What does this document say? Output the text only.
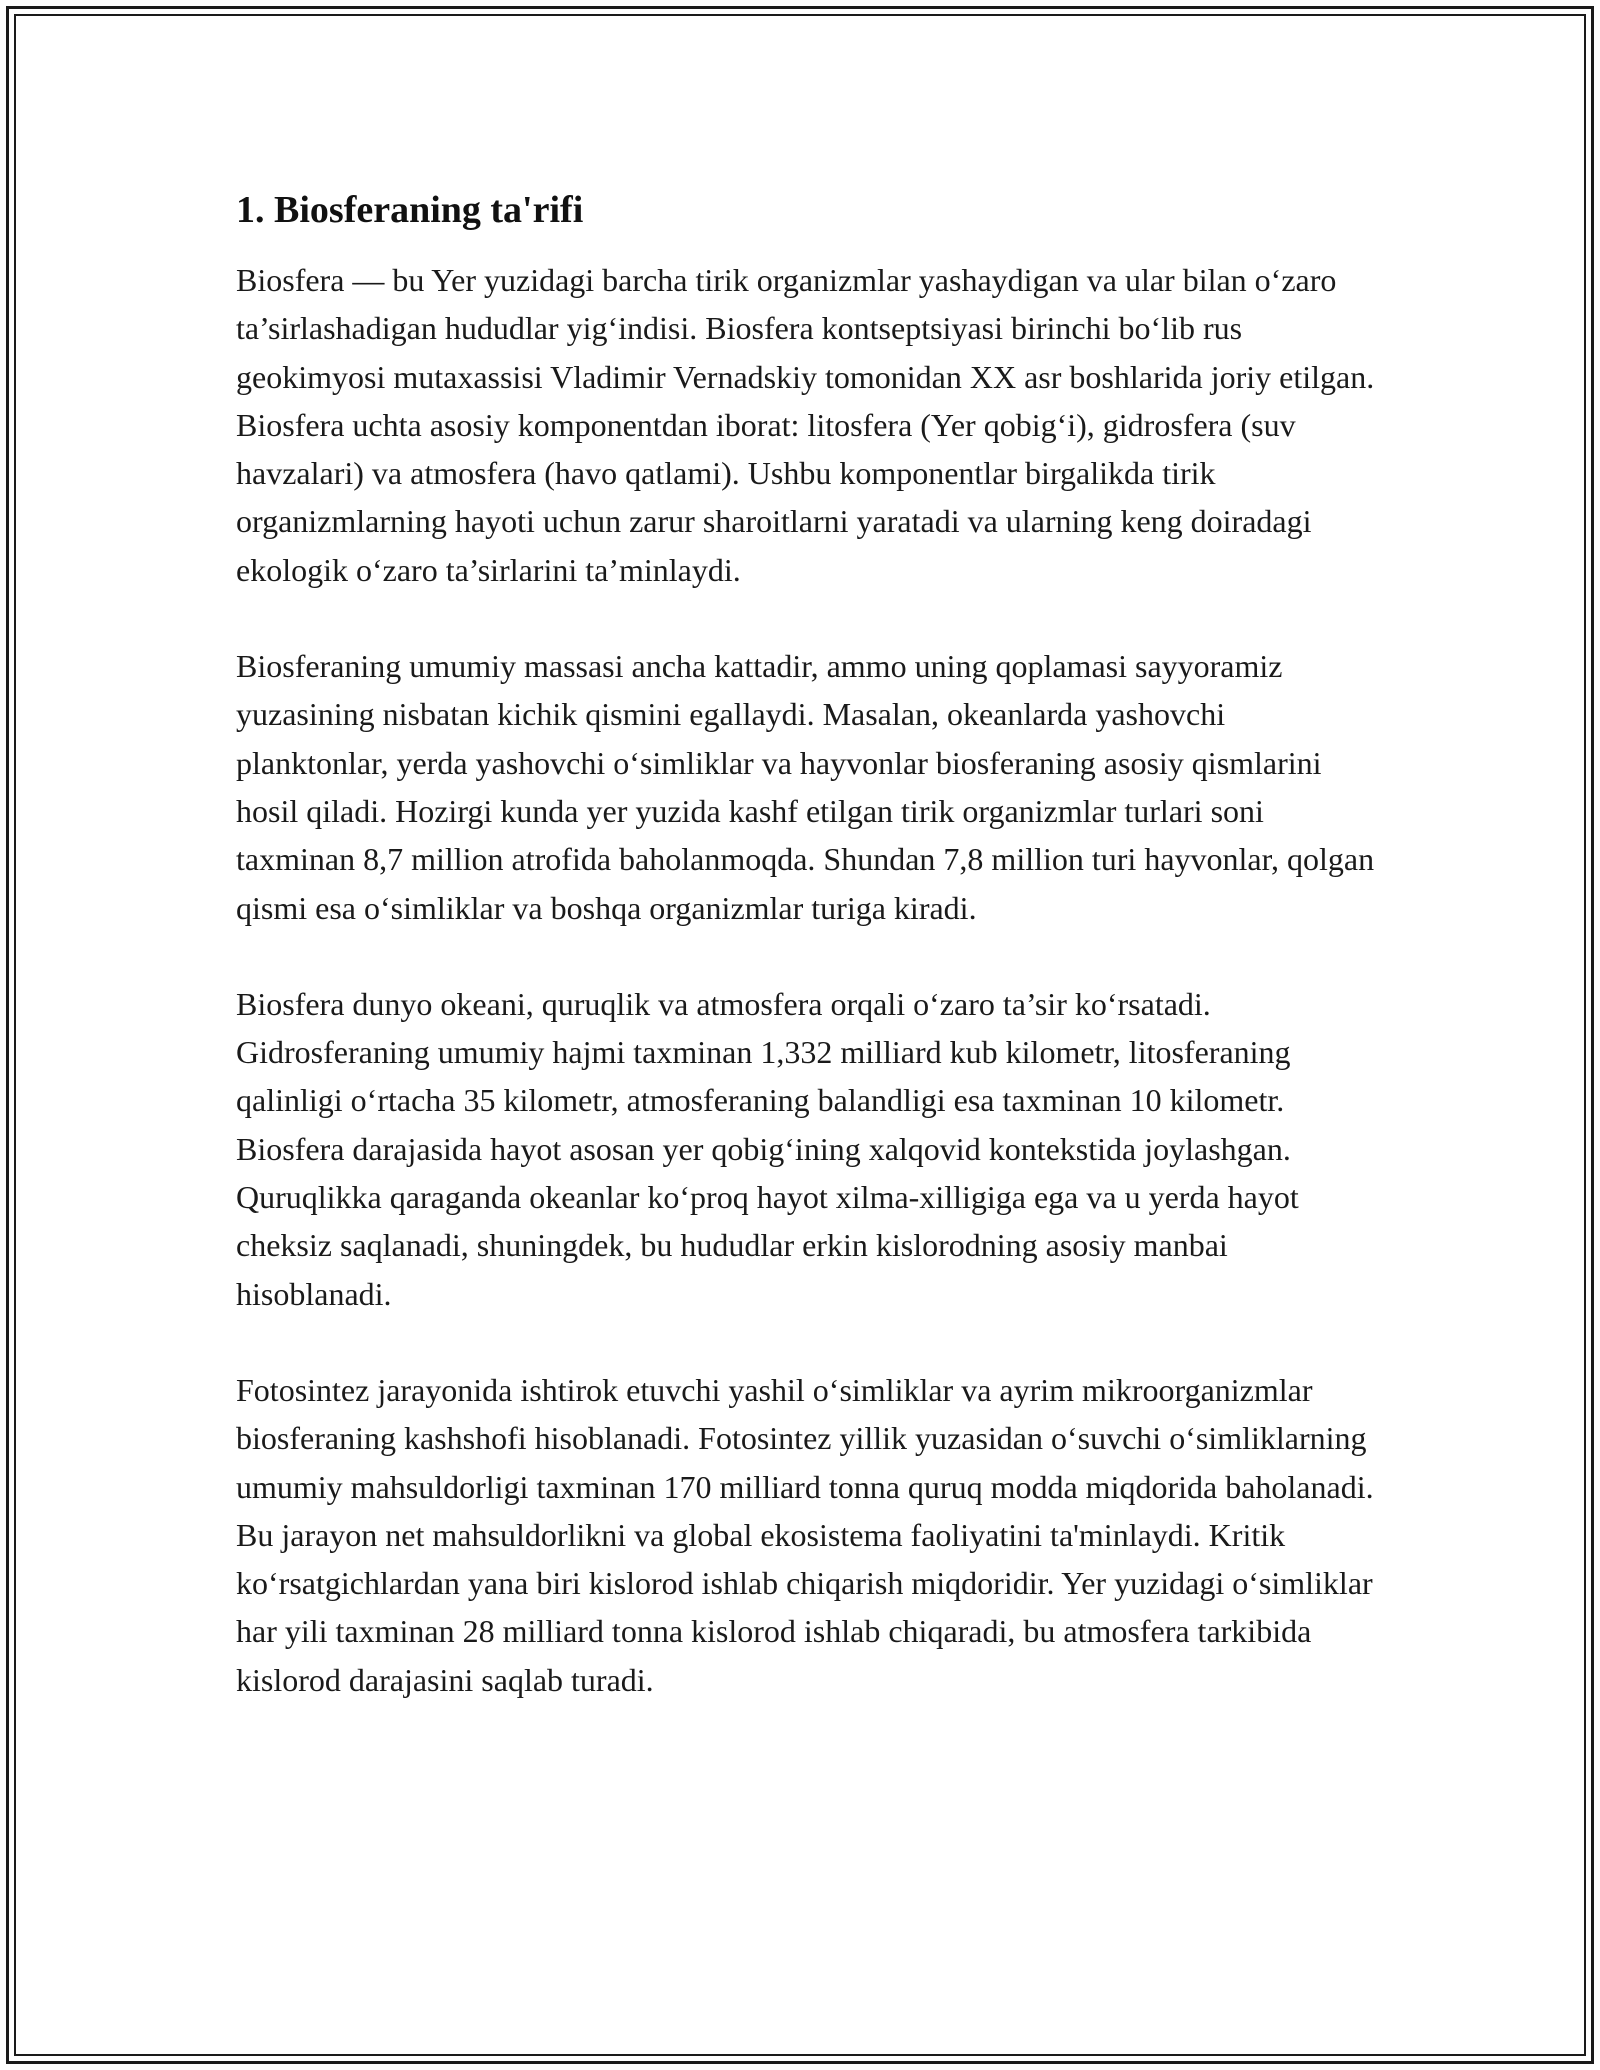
1. Biosferaning ta'rifi

Biosfera — bu Yer yuzidagi barcha tirik organizmlar yashaydigan va ular bilan o‘zaro ta’sirlashadigan hududlar yig‘indisi. Biosfera kontseptsiyasi birinchi bo‘lib rus geokimyosi mutaxassisi Vladimir Vernadskiy tomonidan XX asr boshlarida joriy etilgan. Biosfera uchta asosiy komponentdan iborat: litosfera (Yer qobig‘i), gidrosfera (suv havzalari) va atmosfera (havo qatlami). Ushbu komponentlar birgalikda tirik organizmlarning hayoti uchun zarur sharoitlarni yaratadi va ularning keng doiradagi ekologik o‘zaro ta’sirlarini ta’minlaydi.

Biosferaning umumiy massasi ancha kattadir, ammo uning qoplamasi sayyoramiz yuzasining nisbatan kichik qismini egallaydi. Masalan, okeanlarda yashovchi planktonlar, yerda yashovchi o‘simliklar va hayvonlar biosferaning asosiy qismlarini hosil qiladi. Hozirgi kunda yer yuzida kashf etilgan tirik organizmlar turlari soni taxminan 8,7 million atrofida baholanmoqda. Shundan 7,8 million turi hayvonlar, qolgan qismi esa o‘simliklar va boshqa organizmlar turiga kiradi.

Biosfera dunyo okeani, quruqlik va atmosfera orqali o‘zaro ta’sir ko‘rsatadi. Gidrosferaning umumiy hajmi taxminan 1,332 milliard kub kilometr, litosferaning qalinligi o‘rtacha 35 kilometr, atmosferaning balandligi esa taxminan 10 kilometr. Biosfera darajasida hayot asosan yer qobig‘ining xalqovid kontekstida joylashgan. Quruqlikka qaraganda okeanlar ko‘proq hayot xilma-xilligiga ega va u yerda hayot cheksiz saqlanadi, shuningdek, bu hududlar erkin kislorodning asosiy manbai hisoblanadi.

Fotosintez jarayonida ishtirok etuvchi yashil o‘simliklar va ayrim mikroorganizmlar biosferaning kashshofi hisoblanadi. Fotosintez yillik yuzasidan o‘suvchi o‘simliklarning umumiy mahsuldorligi taxminan 170 milliard tonna quruq modda miqdorida baholanadi. Bu jarayon net mahsuldorlikni va global ekosistema faoliyatini ta'minlaydi. Kritik ko‘rsatgichlardan yana biri kislorod ishlab chiqarish miqdoridir. Yer yuzidagi o‘simliklar har yili taxminan 28 milliard tonna kislorod ishlab chiqaradi, bu atmosfera tarkibida kislorod darajasini saqlab turadi.
